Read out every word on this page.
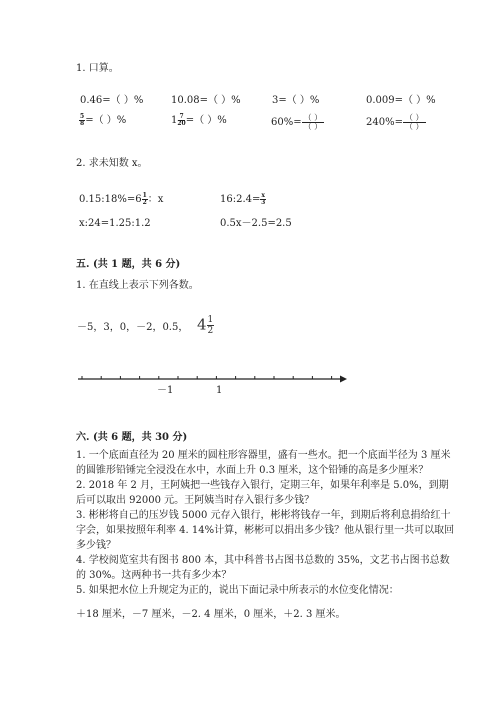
1. 口算。
0.46=（ ）%	10.08=（ ）%	3=（ ）%	0.009=（ ）%
$\frac{5}{8}$ =（ ）%	$1 \frac{7}{20}$ =（ ）%	$60\%= \frac{( )}{( )}$	$240\%= \frac{( )}{( )}$
2. 求未知数 x。
0.15:18%=6 $\frac{1}{2}$ ：x	16:2.4= $\frac{x}{3}$
x:24=1.25:1.2	0.5x－2.5=2.5
五. (共 1 题，共 6 分)
1. 在直线上表示下列各数。
－5，3，0，－2，0.5， $4 \frac{1}{2}$
－1	1
六. (共 6 题，共 30 分)

1. 一个底面直径为 20 厘米的圆柱形容器里，盛有一些水。把一个底面半径为 3 厘米的圆锥形铅锤完全浸没在水中，水面上升 0.3 厘米，这个铅锤的高是多少厘米？

2. 2018 年 2 月，王阿姨把一些钱存入银行，定期三年，如果年利率是 5.0%，到期后可以取出 92000 元。王阿姨当时存入银行多少钱？

3. 彬彬将自己的压岁钱 5000 元存入银行，彬彬将钱存一年，到期后将利息捐给红十字会，如果按照年利率 4. 14%计算，彬彬可以捐出多少钱？他从银行里一共可以取回多少钱？

4. 学校阅览室共有图书 800 本，其中科普书占图书总数的 35%，文艺书占图书总数的 30%。这两种书一共有多少本？

5. 如果把水位上升规定为正的，说出下面记录中所表示的水位变化情况：

＋18 厘米，－7 厘米，－2. 4 厘米，0 厘米，＋2. 3 厘米。
